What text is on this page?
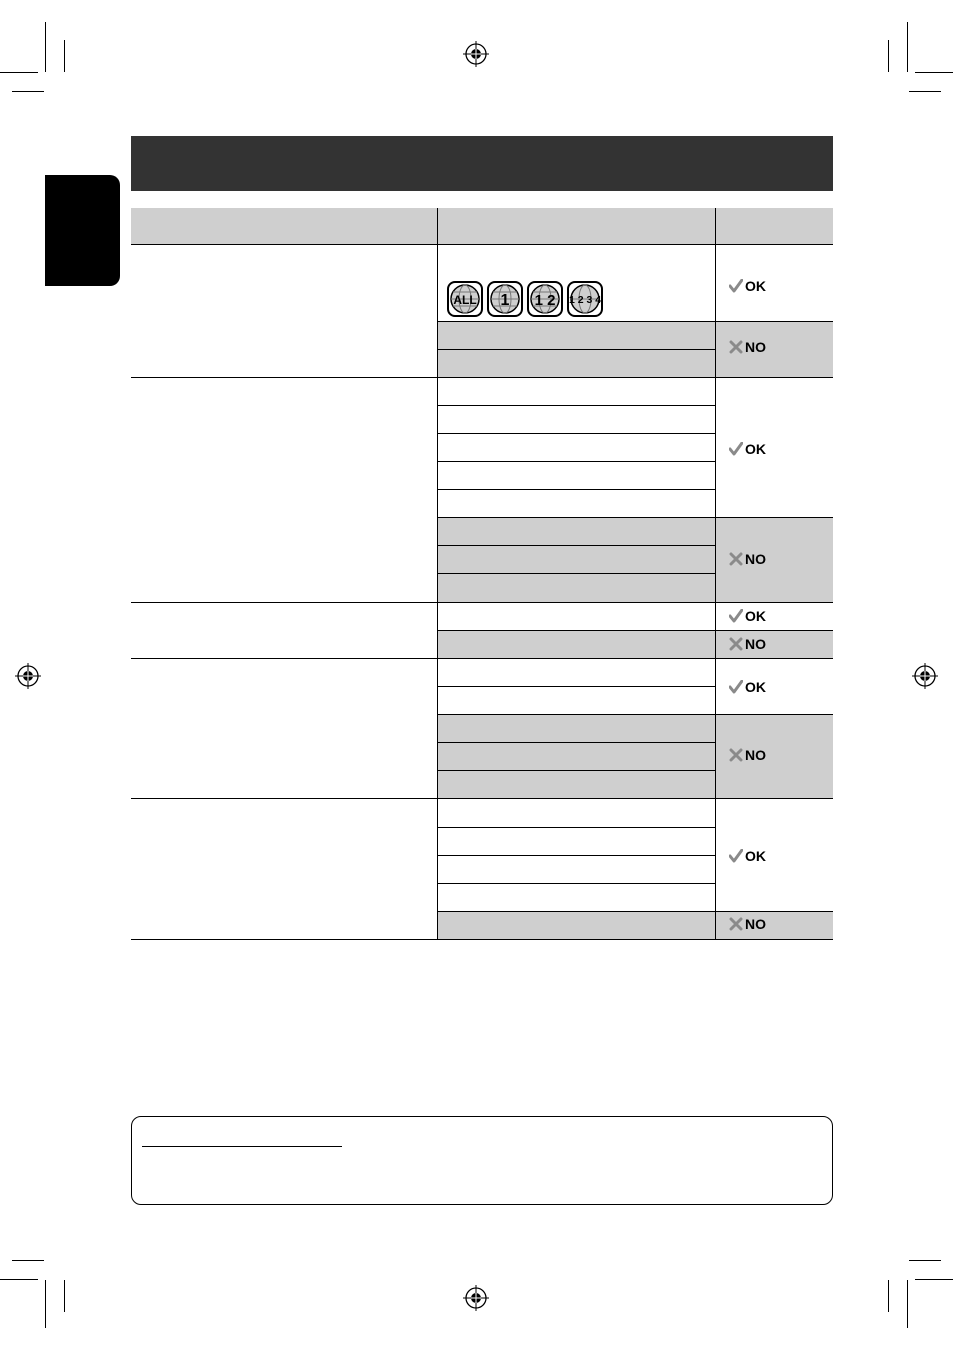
ALL 1 1 2 1 2 3 4
OK
OK
OK
OK
OK
NO
NO
NO
NO
NO
